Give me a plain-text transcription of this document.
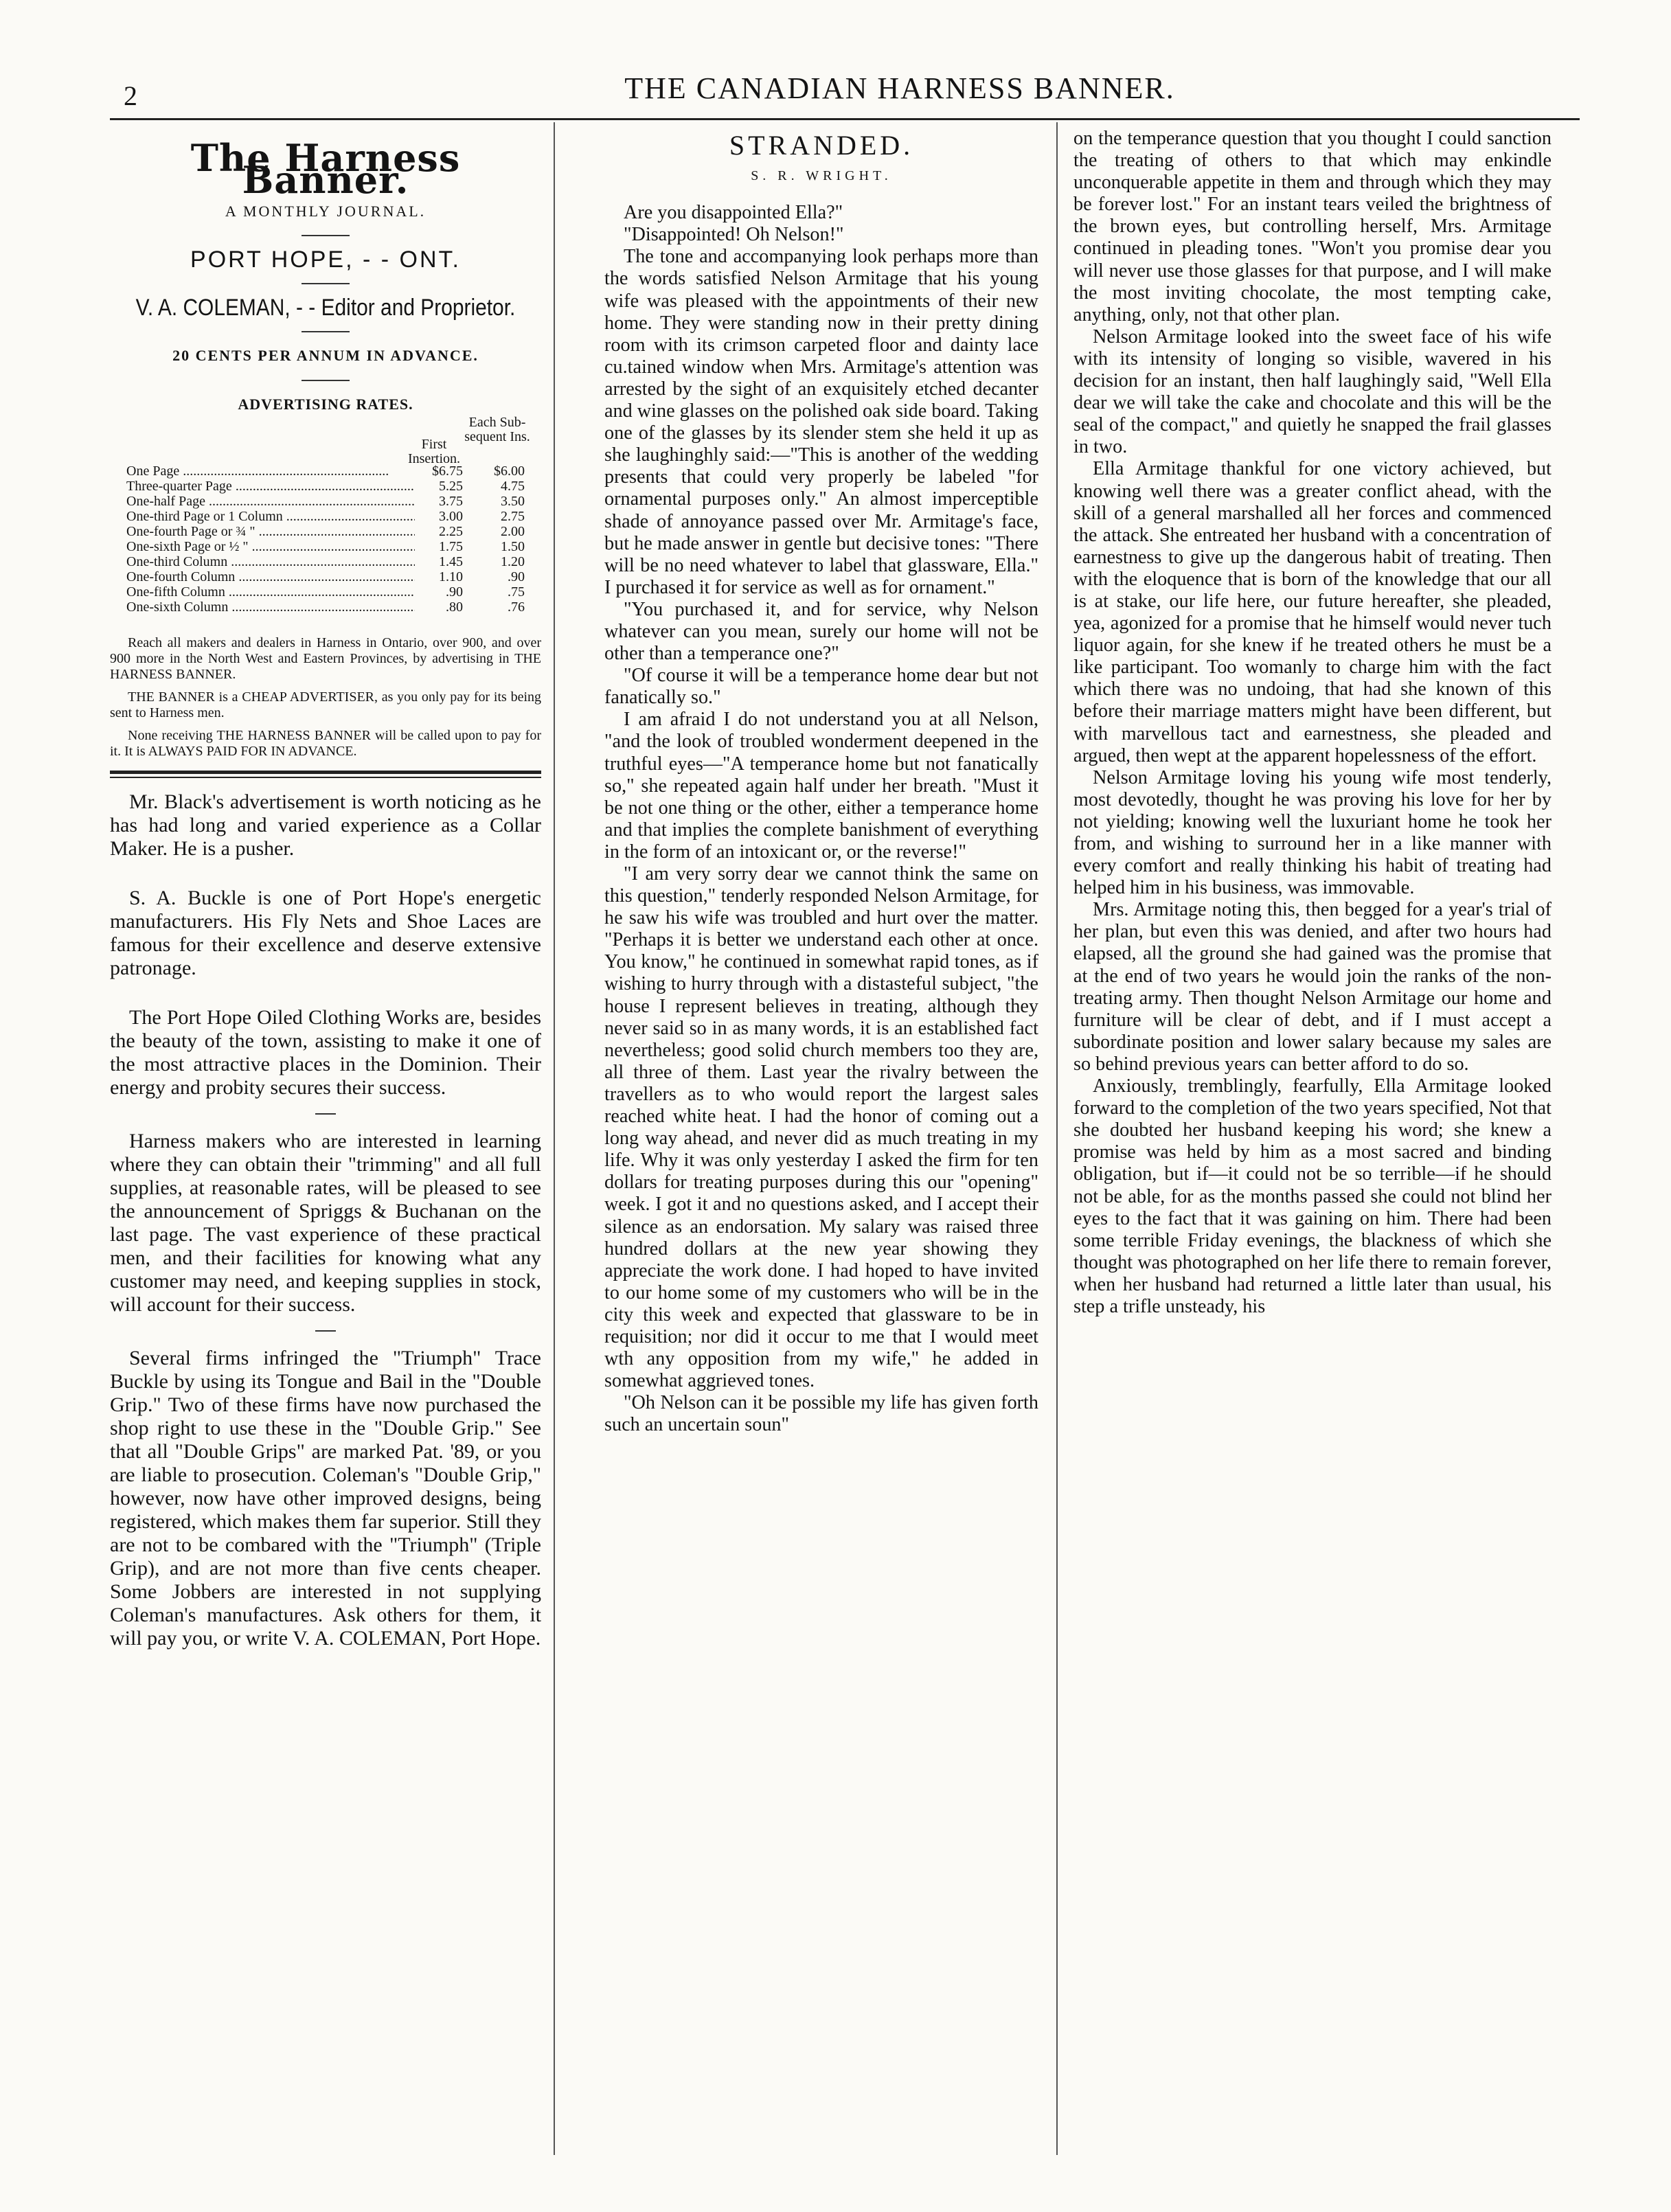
2	THE CANADIAN HARNESS BANNER.
The Harness Banner.
A MONTHLY JOURNAL.
PORT HOPE, - - ONT.
V. A. COLEMAN, - - Editor and Proprietor.
20 CENTS PER ANNUM IN ADVANCE.
ADVERTISING RATES.
First Insertion.
Each Sub-sequent Ins.
One Page .....	$6.75	$6.00
Three-quarter Page .....	5.25	4.75
One-half Page .....	3.75	3.50
One-third Page or 1 Column .....	3.00	2.75
One-fourth Page or ¾ " .....	2.25	2.00
One-sixth Page or ½ " .....	1.75	1.50
One-third Column .....	1.45	1.20
One-fourth Column .....	1.10	.90
One-fifth Column .....	.90	.75
One-sixth Column .....	.80	.76

Reach all makers and dealers in Harness in Ontario, over 900, and over 900 more in the North West and Eastern Provinces, by advertising in THE HARNESS BANNER.

THE BANNER is a CHEAP ADVERTISER, as you only pay for its being sent to Harness men.

None receiving THE HARNESS BANNER will be called upon to pay for it. It is ALWAYS PAID FOR IN ADVANCE.

Mr. Black's advertisement is worth noticing as he has had long and varied experience as a Collar Maker. He is a pusher.

S. A. Buckle is one of Port Hope's energetic manufacturers. His Fly Nets and Shoe Laces are famous for their excellence and deserve extensive patronage.

The Port Hope Oiled Clothing Works are, besides the beauty of the town, assisting to make it one of the most attractive places in the Dominion. Their energy and probity secures their success.

Harness makers who are interested in learning where they can obtain their "trimming" and all full supplies, at reasonable rates, will be pleased to see the announcement of Spriggs & Buchanan on the last page. The vast experience of these practical men, and their facilities for knowing what any customer may need, and keeping supplies in stock, will account for their success.

Several firms infringed the "Triumph" Trace Buckle by using its Tongue and Bail in the "Double Grip." Two of these firms have now purchased the shop right to use these in the "Double Grip." See that all "Double Grips" are marked Pat. '89, or you are liable to prosecution. Coleman's "Double Grip," however, now have other improved designs, being registered, which makes them far superior. Still they are not to be combared with the "Triumph" (Triple Grip), and are not more than five cents cheaper. Some Jobbers are interested in not supplying Coleman's manufactures. Ask others for them, it will pay you, or write V. A. COLEMAN, Port Hope.

STRANDED.
S. R. WRIGHT.

Are you disappointed Ella?"

"Disappointed! Oh Nelson!"

The tone and accompanying look perhaps more than the words satisfied Nelson Armitage that his young wife was pleased with the appointments of their new home. They were standing now in their pretty dining room with its crimson carpeted floor and dainty lace cu.tained window when Mrs. Armitage's attention was arrested by the sight of an exquisitely etched decanter and wine glasses on the polished oak side board. Taking one of the glasses by its slender stem she held it up as she laughinghly said:—"This is another of the wedding presents that could very properly be labeled "for ornamental purposes only." An almost imperceptible shade of annoyance passed over Mr. Armitage's face, but he made answer in gentle but decisive tones: "There will be no need whatever to label that glassware, Ella." I purchased it for service as well as for ornament."

"You purchased it, and for service, why Nelson whatever can you mean, surely our home will not be other than a temperance one?"

"Of course it will be a temperance home dear but not fanatically so."

I am afraid I do not understand you at all Nelson, "and the look of troubled wonderment deepened in the truthful eyes—"A temperance home but not fanatically so," she repeated again half under her breath. "Must it be not one thing or the other, either a temperance home and that implies the complete banishment of everything in the form of an intoxicant or, or the reverse!"

"I am very sorry dear we cannot think the same on this question," tenderly responded Nelson Armitage, for he saw his wife was troubled and hurt over the matter. "Perhaps it is better we understand each other at once. You know," he continued in somewhat rapid tones, as if wishing to hurry through with a distasteful subject, "the house I represent believes in treating, although they never said so in as many words, it is an established fact nevertheless; good solid church members too they are, all three of them. Last year the rivalry between the travellers as to who would report the largest sales reached white heat. I had the honor of coming out a long way ahead, and never did as much treating in my life. Why it was only yesterday I asked the firm for ten dollars for treating purposes during this our "opening" week. I got it and no questions asked, and I accept their silence as an endorsation. My salary was raised three hundred dollars at the new year showing they appreciate the work done. I had hoped to have invited to our home some of my customers who will be in the city this week and expected that glassware to be in requisition; nor did it occur to me that I would meet wth any opposition from my wife," he added in somewhat aggrieved tones.

"Oh Nelson can it be possible my life has given forth such an uncertain soun"

on the temperance question that you thought I could sanction the treating of others to that which may enkindle unconquerable appetite in them and through which they may be forever lost." For an instant tears veiled the brightness of the brown eyes, but controlling herself, Mrs. Armitage continued in pleading tones. "Won't you promise dear you will never use those glasses for that purpose, and I will make the most inviting chocolate, the most tempting cake, anything, only, not that other plan.

Nelson Armitage looked into the sweet face of his wife with its intensity of longing so visible, wavered in his decision for an instant, then half laughingly said, "Well Ella dear we will take the cake and chocolate and this will be the seal of the compact," and quietly he snapped the frail glasses in two.

Ella Armitage thankful for one victory achieved, but knowing well there was a greater conflict ahead, with the skill of a general marshalled all her forces and commenced the attack. She entreated her husband with a concentration of earnestness to give up the dangerous habit of treating. Then with the eloquence that is born of the knowledge that our all is at stake, our life here, our future hereafter, she pleaded, yea, agonized for a promise that he himself would never tuch liquor again, for she knew if he treated others he must be a like participant. Too womanly to charge him with the fact which there was no undoing, that had she known of this before their marriage matters might have been different, but with marvellous tact and earnestness, she pleaded and argued, then wept at the apparent hopelessness of the effort.

Nelson Armitage loving his young wife most tenderly, most devotedly, thought he was proving his love for her by not yielding; knowing well the luxuriant home he took her from, and wishing to surround her in a like manner with every comfort and really thinking his habit of treating had helped him in his business, was immovable.

Mrs. Armitage noting this, then begged for a year's trial of her plan, but even this was denied, and after two hours had elapsed, all the ground she had gained was the promise that at the end of two years he would join the ranks of the non-treating army. Then thought Nelson Armitage our home and furniture will be clear of debt, and if I must accept a subordinate position and lower salary because my sales are so behind previous years can better afford to do so.

Anxiously, tremblingly, fearfully, Ella Armitage looked forward to the completion of the two years specified, Not that she doubted her husband keeping his word; she knew a promise was held by him as a most sacred and binding obligation, but if—it could not be so terrible—if he should not be able, for as the months passed she could not blind her eyes to the fact that it was gaining on him. There had been some terrible Friday evenings, the blackness of which she thought was photographed on her life there to remain forever, when her husband had returned a little later than usual, his step a trifle unsteady, his
